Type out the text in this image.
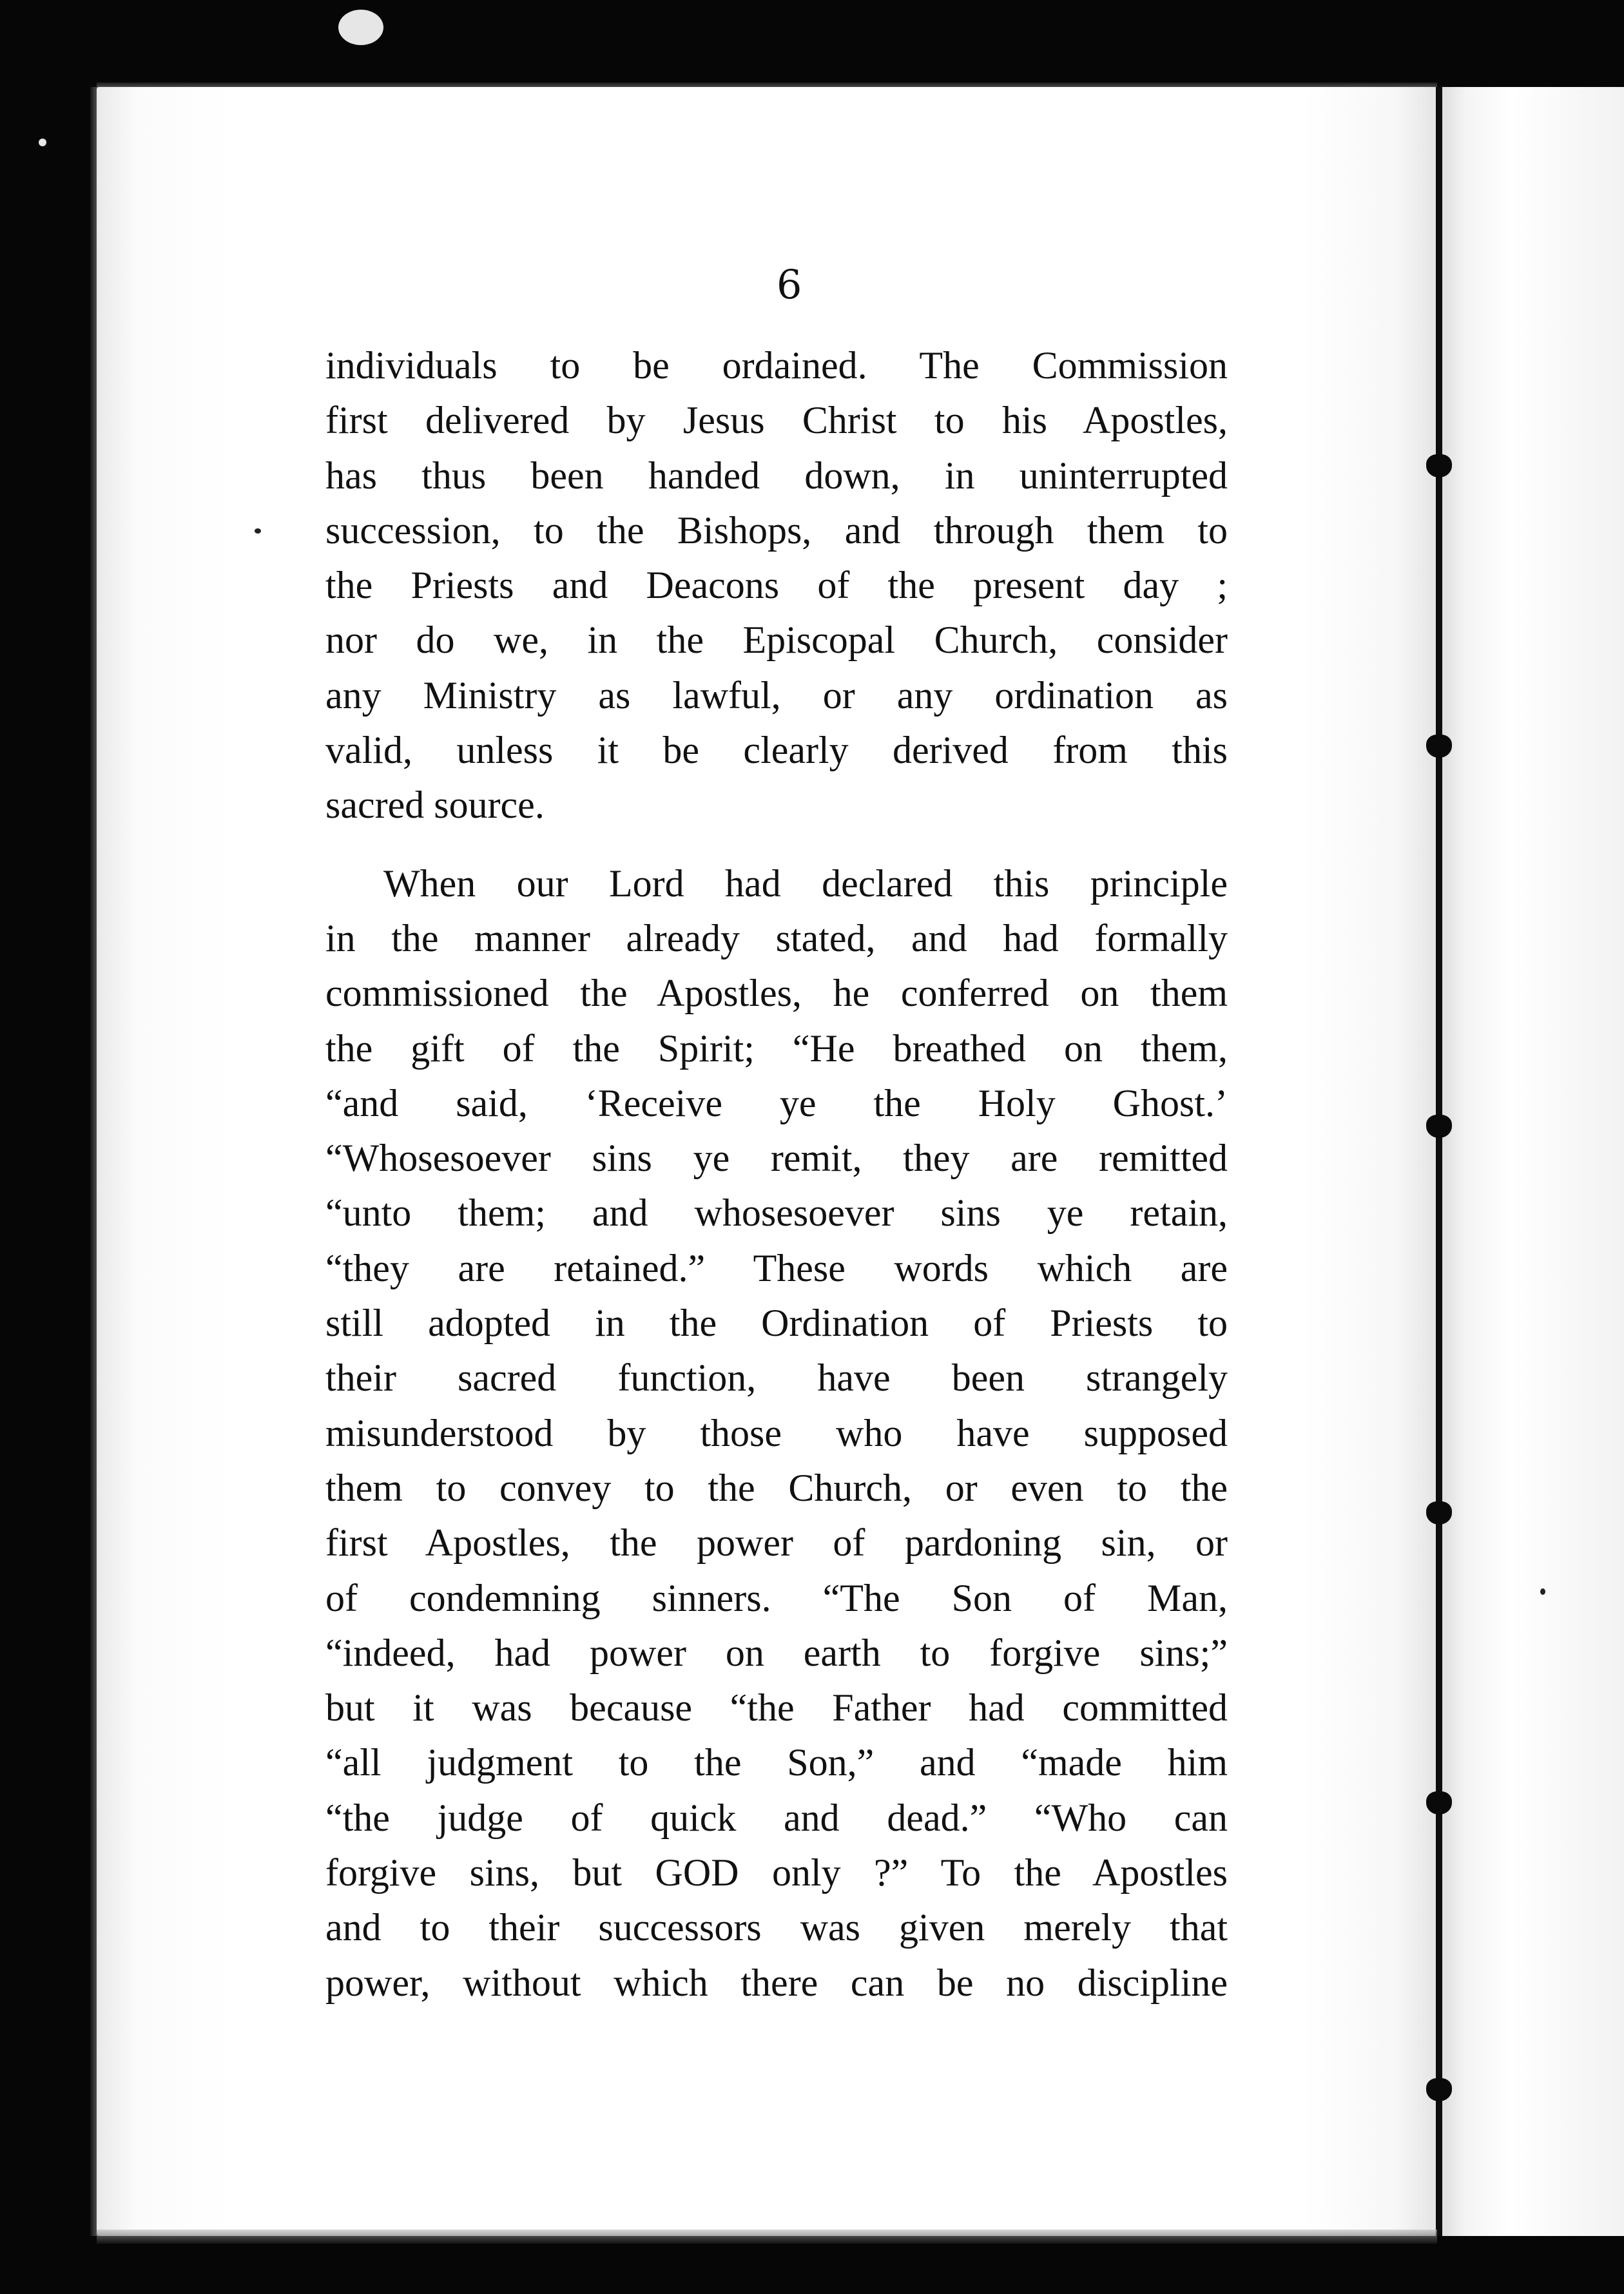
6

individuals to be ordained. The Commission
first delivered by Jesus Christ to his Apostles,
has thus been handed down, in uninterrupted
succession, to the Bishops, and through them to
the Priests and Deacons of the present day ;
nor do we, in the Episcopal Church, consider
any Ministry as lawful, or any ordination as
valid, unless it be clearly derived from this
sacred source.

When our Lord had declared this principle
in the manner already stated, and had formally
commissioned the Apostles, he conferred on them
the gift of the Spirit; “He breathed on them,
“and said, ‘Receive ye the Holy Ghost.’
“Whosesoever sins ye remit, they are remitted
“unto them; and whosesoever sins ye retain,
“they are retained.” These words which are
still adopted in the Ordination of Priests to
their sacred function, have been strangely
misunderstood by those who have supposed
them to convey to the Church, or even to the
first Apostles, the power of pardoning sin, or
of condemning sinners. “The Son of Man,
“indeed, had power on earth to forgive sins;”
but it was because “the Father had committed
“all judgment to the Son,” and “made him
“the judge of quick and dead.” “Who can
forgive sins, but GOD only ?” To the Apostles
and to their successors was given merely that
power, without which there can be no discipline
